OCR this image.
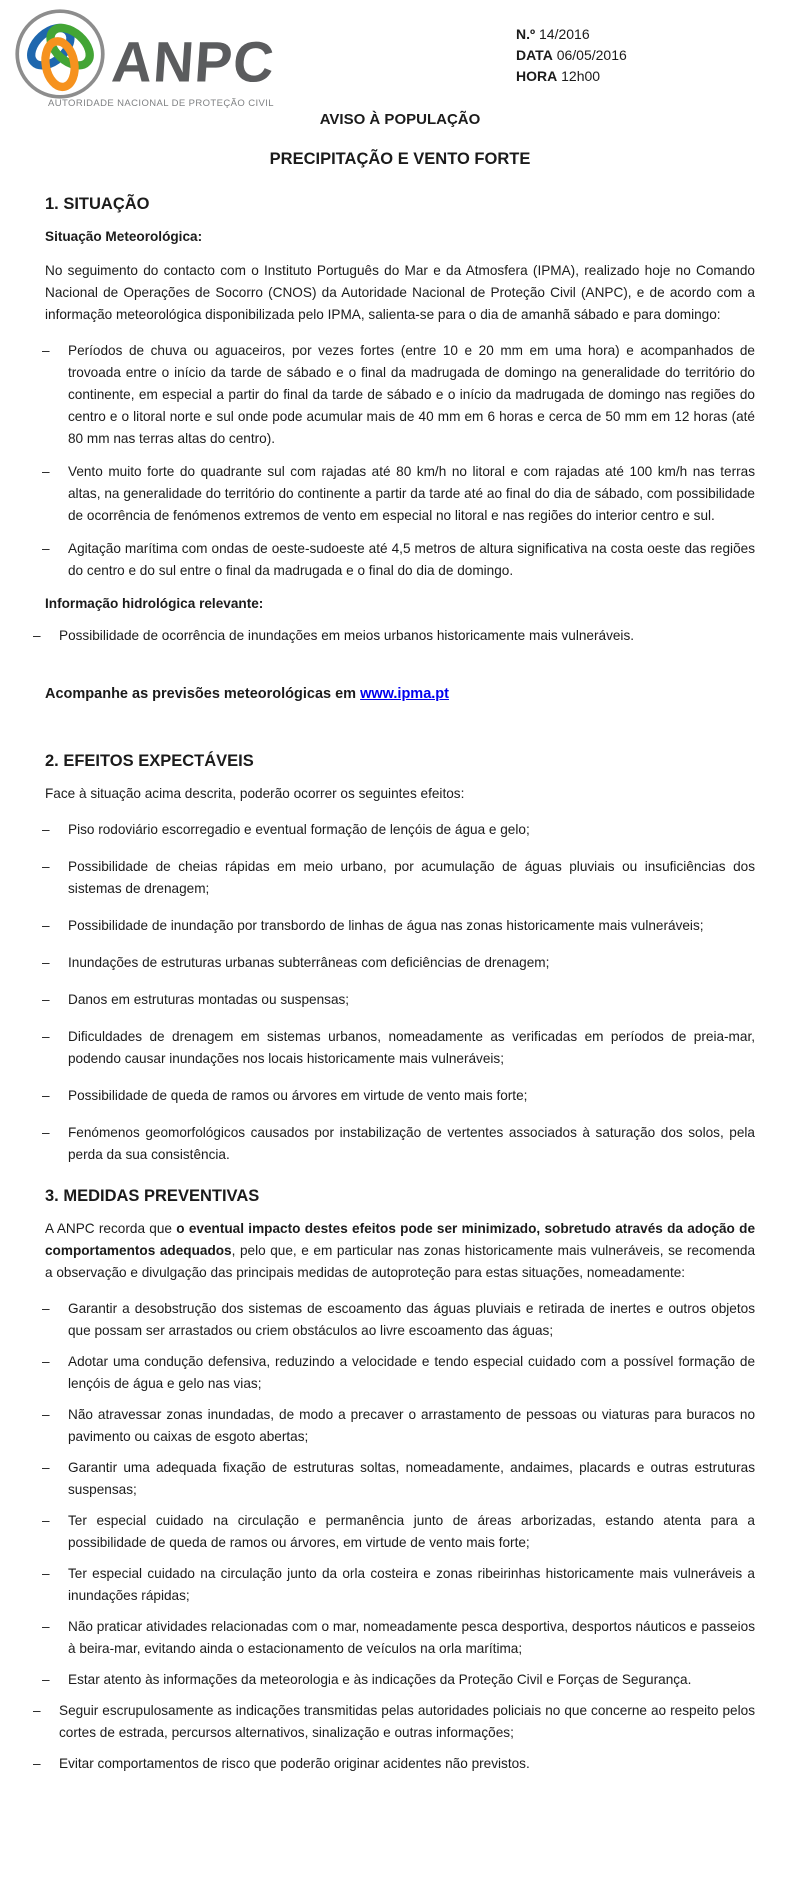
ANPC
AUTORIDADE NACIONAL DE PROTEÇÃO CIVIL
N.º 14/2016
DATA 06/05/2016
HORA 12h00
AVISO À POPULAÇÃO
PRECIPITAÇÃO E VENTO FORTE
1. SITUAÇÃO
Situação Meteorológica:

No seguimento do contacto com o Instituto Português do Mar e da Atmosfera (IPMA), realizado hoje no Comando Nacional de Operações de Socorro (CNOS) da Autoridade Nacional de Proteção Civil (ANPC), e de acordo com a informação meteorológica disponibilizada pelo IPMA, salienta-se para o dia de amanhã sábado e para domingo:

–	Períodos de chuva ou aguaceiros, por vezes fortes (entre 10 e 20 mm em uma hora) e acompanhados de trovoada entre o início da tarde de sábado e o final da madrugada de domingo na generalidade do território do continente, em especial a partir do final da tarde de sábado e o início da madrugada de domingo nas regiões do centro e o litoral norte e sul onde pode acumular mais de 40 mm em 6 horas e cerca de 50 mm em 12 horas (até 80 mm nas terras altas do centro).
–	Vento muito forte do quadrante sul com rajadas até 80 km/h no litoral e com rajadas até 100 km/h nas terras altas, na generalidade do território do continente a partir da tarde até ao final do dia de sábado, com possibilidade de ocorrência de fenómenos extremos de vento em especial no litoral e nas regiões do interior centro e sul.
–	Agitação marítima com ondas de oeste-sudoeste até 4,5 metros de altura significativa na costa oeste das regiões do centro e do sul entre o final da madrugada e o final do dia de domingo.
Informação hidrológica relevante:
–	Possibilidade de ocorrência de inundações em meios urbanos historicamente mais vulneráveis.
Acompanhe as previsões meteorológicas em www.ipma.pt
2. EFEITOS EXPECTÁVEIS

Face à situação acima descrita, poderão ocorrer os seguintes efeitos:

–	Piso rodoviário escorregadio e eventual formação de lençóis de água e gelo;
–	Possibilidade de cheias rápidas em meio urbano, por acumulação de águas pluviais ou insuficiências dos sistemas de drenagem;
–	Possibilidade de inundação por transbordo de linhas de água nas zonas historicamente mais vulneráveis;
–	Inundações de estruturas urbanas subterrâneas com deficiências de drenagem;
–	Danos em estruturas montadas ou suspensas;
–	Dificuldades de drenagem em sistemas urbanos, nomeadamente as verificadas em períodos de preia-mar, podendo causar inundações nos locais historicamente mais vulneráveis;
–	Possibilidade de queda de ramos ou árvores em virtude de vento mais forte;
–	Fenómenos geomorfológicos causados por instabilização de vertentes associados à saturação dos solos, pela perda da sua consistência.
3. MEDIDAS PREVENTIVAS

A ANPC recorda que o eventual impacto destes efeitos pode ser minimizado, sobretudo através da adoção de comportamentos adequados, pelo que, e em particular nas zonas historicamente mais vulneráveis, se recomenda a observação e divulgação das principais medidas de autoproteção para estas situações, nomeadamente:

–	Garantir a desobstrução dos sistemas de escoamento das águas pluviais e retirada de inertes e outros objetos que possam ser arrastados ou criem obstáculos ao livre escoamento das águas;
–	Adotar uma condução defensiva, reduzindo a velocidade e tendo especial cuidado com a possível formação de lençóis de água e gelo nas vias;
–	Não atravessar zonas inundadas, de modo a precaver o arrastamento de pessoas ou viaturas para buracos no pavimento ou caixas de esgoto abertas;
–	Garantir uma adequada fixação de estruturas soltas, nomeadamente, andaimes, placards e outras estruturas suspensas;
–	Ter especial cuidado na circulação e permanência junto de áreas arborizadas, estando atenta para a possibilidade de queda de ramos ou árvores, em virtude de vento mais forte;
–	Ter especial cuidado na circulação junto da orla costeira e zonas ribeirinhas historicamente mais vulneráveis a inundações rápidas;
–	Não praticar atividades relacionadas com o mar, nomeadamente pesca desportiva, desportos náuticos e passeios à beira-mar, evitando ainda o estacionamento de veículos na orla marítima;
–	Estar atento às informações da meteorologia e às indicações da Proteção Civil e Forças de Segurança.
–	Seguir escrupulosamente as indicações transmitidas pelas autoridades policiais no que concerne ao respeito pelos cortes de estrada, percursos alternativos, sinalização e outras informações;
–	Evitar comportamentos de risco que poderão originar acidentes não previstos.
